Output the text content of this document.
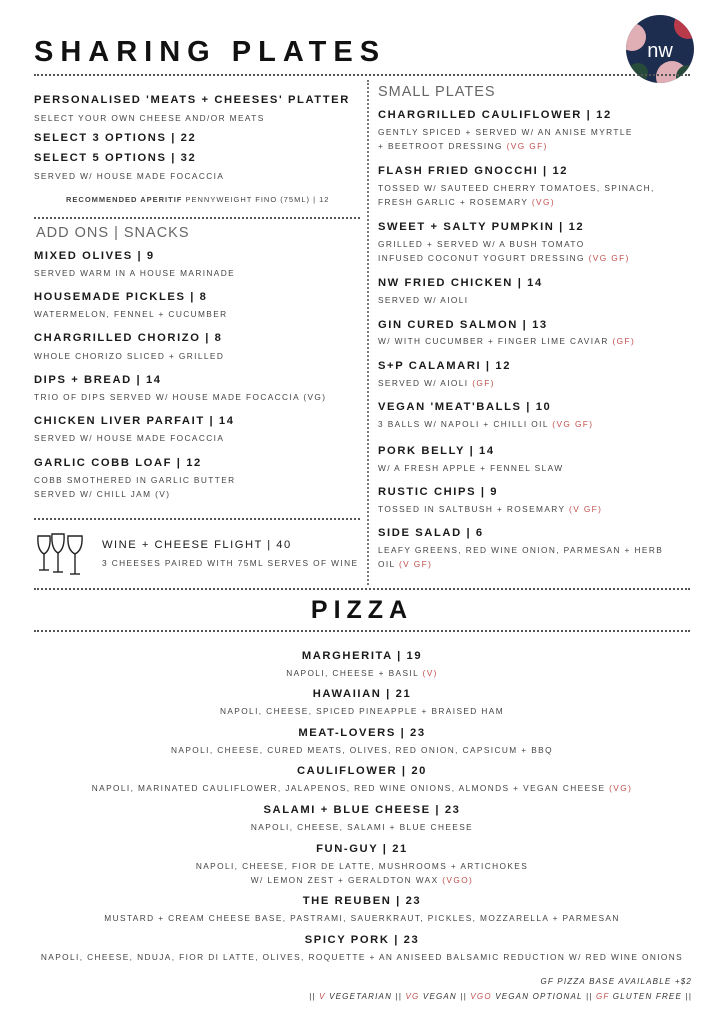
SHARING PLATES	nw
PERSONALISED 'MEATS + CHEESES' PLATTER
SELECT YOUR OWN CHEESE AND/OR MEATS
SELECT 3 OPTIONS | 22
SELECT 5 OPTIONS | 32
SERVED W/ HOUSE MADE FOCACCIA
RECOMMENDED APERITIF PENNYWEIGHT FINO (75ML) | 12
ADD ONS | SNACKS
MIXED OLIVES | 9
SERVED WARM IN A HOUSE MARINADE
HOUSEMADE PICKLES | 8
WATERMELON, FENNEL + CUCUMBER
CHARGRILLED CHORIZO | 8
WHOLE CHORIZO SLICED + GRILLED
DIPS + BREAD | 14
TRIO OF DIPS SERVED W/ HOUSE MADE FOCACCIA (VG)
CHICKEN LIVER PARFAIT | 14
SERVED W/ HOUSE MADE FOCACCIA
GARLIC COBB LOAF | 12
COBB SMOTHERED IN GARLIC BUTTER
SERVED W/ CHILL JAM (V)
WINE + CHEESE FLIGHT | 40
3 CHEESES PAIRED WITH 75ML SERVES OF WINE
SMALL PLATES
CHARGRILLED CAULIFLOWER | 12
GENTLY SPICED + SERVED W/ AN ANISE MYRTLE
+ BEETROOT DRESSING (VG GF)
FLASH FRIED GNOCCHI | 12
TOSSED W/ SAUTEED CHERRY TOMATOES, SPINACH,
FRESH GARLIC + ROSEMARY (VG)
SWEET + SALTY PUMPKIN | 12
GRILLED + SERVED W/ A BUSH TOMATO
INFUSED COCONUT YOGURT DRESSING (VG GF)
NW FRIED CHICKEN | 14
SERVED W/ AIOLI
GIN CURED SALMON | 13
W/ WITH CUCUMBER + FINGER LIME CAVIAR (GF)
S+P CALAMARI | 12
SERVED W/ AIOLI (GF)
VEGAN 'MEAT'BALLS | 10
3 BALLS W/ NAPOLI + CHILLI OIL (VG GF)
PORK BELLY | 14
W/ A FRESH APPLE + FENNEL SLAW
RUSTIC CHIPS | 9
TOSSED IN SALTBUSH + ROSEMARY (V GF)
SIDE SALAD | 6
LEAFY GREENS, RED WINE ONION, PARMESAN + HERB
OIL (V GF)
PIZZA
MARGHERITA | 19
NAPOLI, CHEESE + BASIL (V)
HAWAIIAN | 21
NAPOLI, CHEESE, SPICED PINEAPPLE + BRAISED HAM
MEAT-LOVERS | 23
NAPOLI, CHEESE, CURED MEATS, OLIVES, RED ONION, CAPSICUM + BBQ
CAULIFLOWER | 20
NAPOLI, MARINATED CAULIFLOWER, JALAPENOS, RED WINE ONIONS, ALMONDS + VEGAN CHEESE (VG)
SALAMI + BLUE CHEESE | 23
NAPOLI, CHEESE, SALAMI + BLUE CHEESE
FUN-GUY | 21
NAPOLI, CHEESE, FIOR DE LATTE, MUSHROOMS + ARTICHOKES
W/ LEMON ZEST + GERALDTON WAX (VGO)
THE REUBEN | 23
MUSTARD + CREAM CHEESE BASE, PASTRAMI, SAUERKRAUT, PICKLES, MOZZARELLA + PARMESAN
SPICY PORK | 23
NAPOLI, CHEESE, NDUJA, FIOR DI LATTE, OLIVES, ROQUETTE + AN ANISEED BALSAMIC REDUCTION W/ RED WINE ONIONS
GF PIZZA BASE AVAILABLE +$2
|| V VEGETARIAN || VG VEGAN || VGO VEGAN OPTIONAL || GF GLUTEN FREE ||
